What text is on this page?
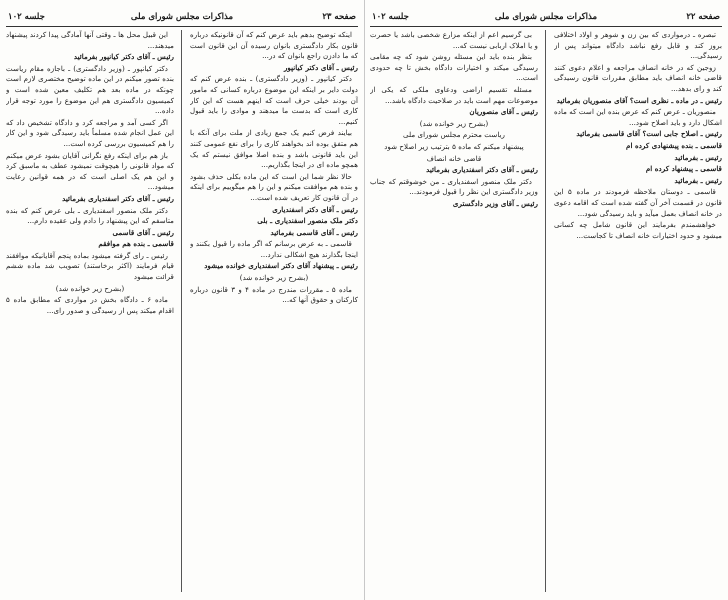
صفحه ۲۳
مذاکرات مجلس شورای ملی
جلسه ۱۰۲

اینکه توضیح بدهم باید عرض کنم که آن قانونیکه درباره قانون بکار دادگستری بانوان رسیده آن این قانون است که ما دادزن راجع بانوان که در...

رئیس ـ آقای دکتر کیانپور

دکتر کیانپور ـ (وزیر دادگستری) ـ بنده عرض کنم که دولت دایر بر اینکه این موضوع درباره کسانی که مامور آن بودند خیلی حرف است که اینهم هست که این کار کاری است که بدست ما میدهند و موادی را باید قبول کنیم...

بیایند فرض کنیم یک جمع زیادی از ملت برای آنکه با هم متفق بوده اند بخواهند کاری را برای نفع عمومی کنند این باید قانونی باشد و بنده اصلا موافق نیستم که یک همچو ماده ای در اینجا بگذاریم...

حالا نظر شما این است که این ماده بکلی حذف بشود و بنده هم موافقت میکنم و این را هم میگوییم برای اینکه در آن قانون کار تعریف شده است...

رئیس ـ آقای دکتر اسفندیاری

دکتر ملک منصور اسفندیاری ـ بلی

رئیس ـ آقای قاسمی بفرمائید

قاسمی ـ به عرض برسانم که اگر ماده را قبول بکنند و اینجا بگذارند هیچ اشکالی ندارد...

رئیس ـ پیشنهاد آقای دکتر اسفندیاری خوانده میشود

(بشرح زیر خوانده شد)

ماده ۵ ـ مقررات مندرج در ماده ۴ و ۳ قانون درباره کارکنان و حقوق آنها که...

این قبیل محل ها ـ وقتی آنها آمادگی پیدا کردند پیشنهاد میدهند...

رئیس ـ آقای دکتر کیانپور بفرمائید

دکتر کیانپور ـ (وزیر دادگستری) ـ باجازه مقام ریاست بنده تصور میکنم در این ماده توضیح مختصری لازم است چونکه در ماده بعد هم تکلیف معین شده است و کمیسیون دادگستری هم این موضوع را مورد توجه قرار داده...

اگر کسی آمد و مراجعه کرد و دادگاه تشخیص داد که این عمل انجام شده مسلماً باید رسیدگی شود و این کار را هم کمیسیون بررسی کرده است...

باز هم برای اینکه رفع نگرانی آقایان بشود عرض میکنم که مواد قانونی را هیچوقت نمیشود عطف به ماسبق کرد و این هم یک اصلی است که در همه قوانین رعایت میشود...

رئیس ـ آقای دکتر اسفندیاری بفرمائید

دکتر ملک منصور اسفندیاری ـ بلی عرض کنم که بنده متاسفم که این پیشنهاد را دادم ولی عقیده دارم...

رئیس ـ آقای قاسمی

قاسمی ـ بنده هم موافقم

رئیس ـ رای گرفته میشود بماده پنجم آقایانیکه موافقند قیام فرمایند (اکثر برخاستند) تصویب شد ماده ششم قرائت میشود

(بشرح زیر خوانده شد)

ماده ۶ ـ دادگاه بخش در مواردی که مطابق ماده ۵ اقدام میکند پس از رسیدگی و صدور رای...

صفحه ۲۲
مذاکرات مجلس شورای ملی
جلسه ۱۰۲

تبصره ـ درمواردی که بین زن و شوهر و اولاد اختلافی بروز کند و قابل رفع نباشد دادگاه میتواند پس از رسیدگی...

زوجین که در خانه انصاف مراجعه و اعلام دعوی کنند قاضی خانه انصاف باید مطابق مقررات قانون رسیدگی کند و رای بدهد...

رئیس ـ در ماده ـ نظری است؟ آقای منصوریان بفرمائید

منصوریان ـ عرض کنم که عرض بنده این است که ماده اشکال دارد و باید اصلاح شود...

رئیس ـ اصلاح جابی است؟ آقای قاسمی بفرمائید

قاسمی ـ بنده پیشنهادی کرده ام

رئیس ـ بفرمائید

قاسمی ـ پیشنهاد کرده ام

رئیس ـ بفرمائید

قاسمی ـ دوستان ملاحظه فرمودند در ماده ۵ این قانون در قسمت آخر آن گفته شده است که اقامه دعوی در خانه انصاف بعمل میآید و باید رسیدگی شود...

خواهشمندم بفرمایند این قانون شامل چه کسانی میشود و حدود اختیارات خانه انصاف تا کجاست...

بی گرسیم اعم از اینکه مزارع شخصی باشد یا حصرت و یا املاک اربابی نیست که...

بنظر بنده باید این مسئله روشن شود که چه مقامی رسیدگی میکند و اختیارات دادگاه بخش تا چه حدودی است...

مسئله تقسیم اراضی ودعاوی ملکی که یکی از موضوعات مهم است باید در صلاحیت دادگاه باشد...

رئیس ـ آقای منصوریان

(بشرح زیر خوانده شد)

ریاست محترم مجلس شورای ملی

پیشنهاد میکنم که ماده ۵ بترتیب زیر اصلاح شود

قاضی خانه انصاف

رئیس ـ آقای دکتر اسفندیاری بفرمائید

دکتر ملک منصور اسفندیاری ـ من خوشوقتم که جناب وزیر دادگستری این نظر را قبول فرمودند...

رئیس ـ آقای وزیر دادگستری
